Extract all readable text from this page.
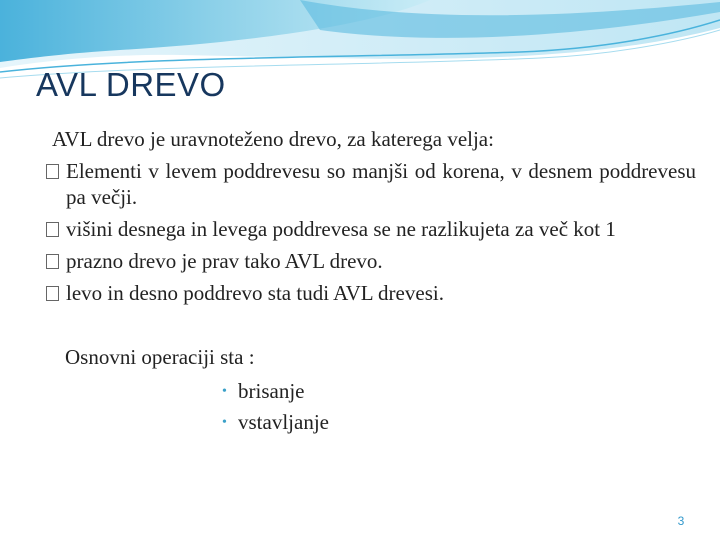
AVL DREVO
AVL drevo je uravnoteženo drevo, za katerega velja:
Elementi v levem poddrevesu so manjši od korena, v desnem poddrevesu pa večji.
višini desnega in levega poddrevesa se ne razlikujeta za več kot 1
prazno drevo je prav tako AVL drevo.
levo in desno poddrevo sta tudi AVL drevesi.
Osnovni operaciji sta :
• brisanje
• vstavljanje
3
